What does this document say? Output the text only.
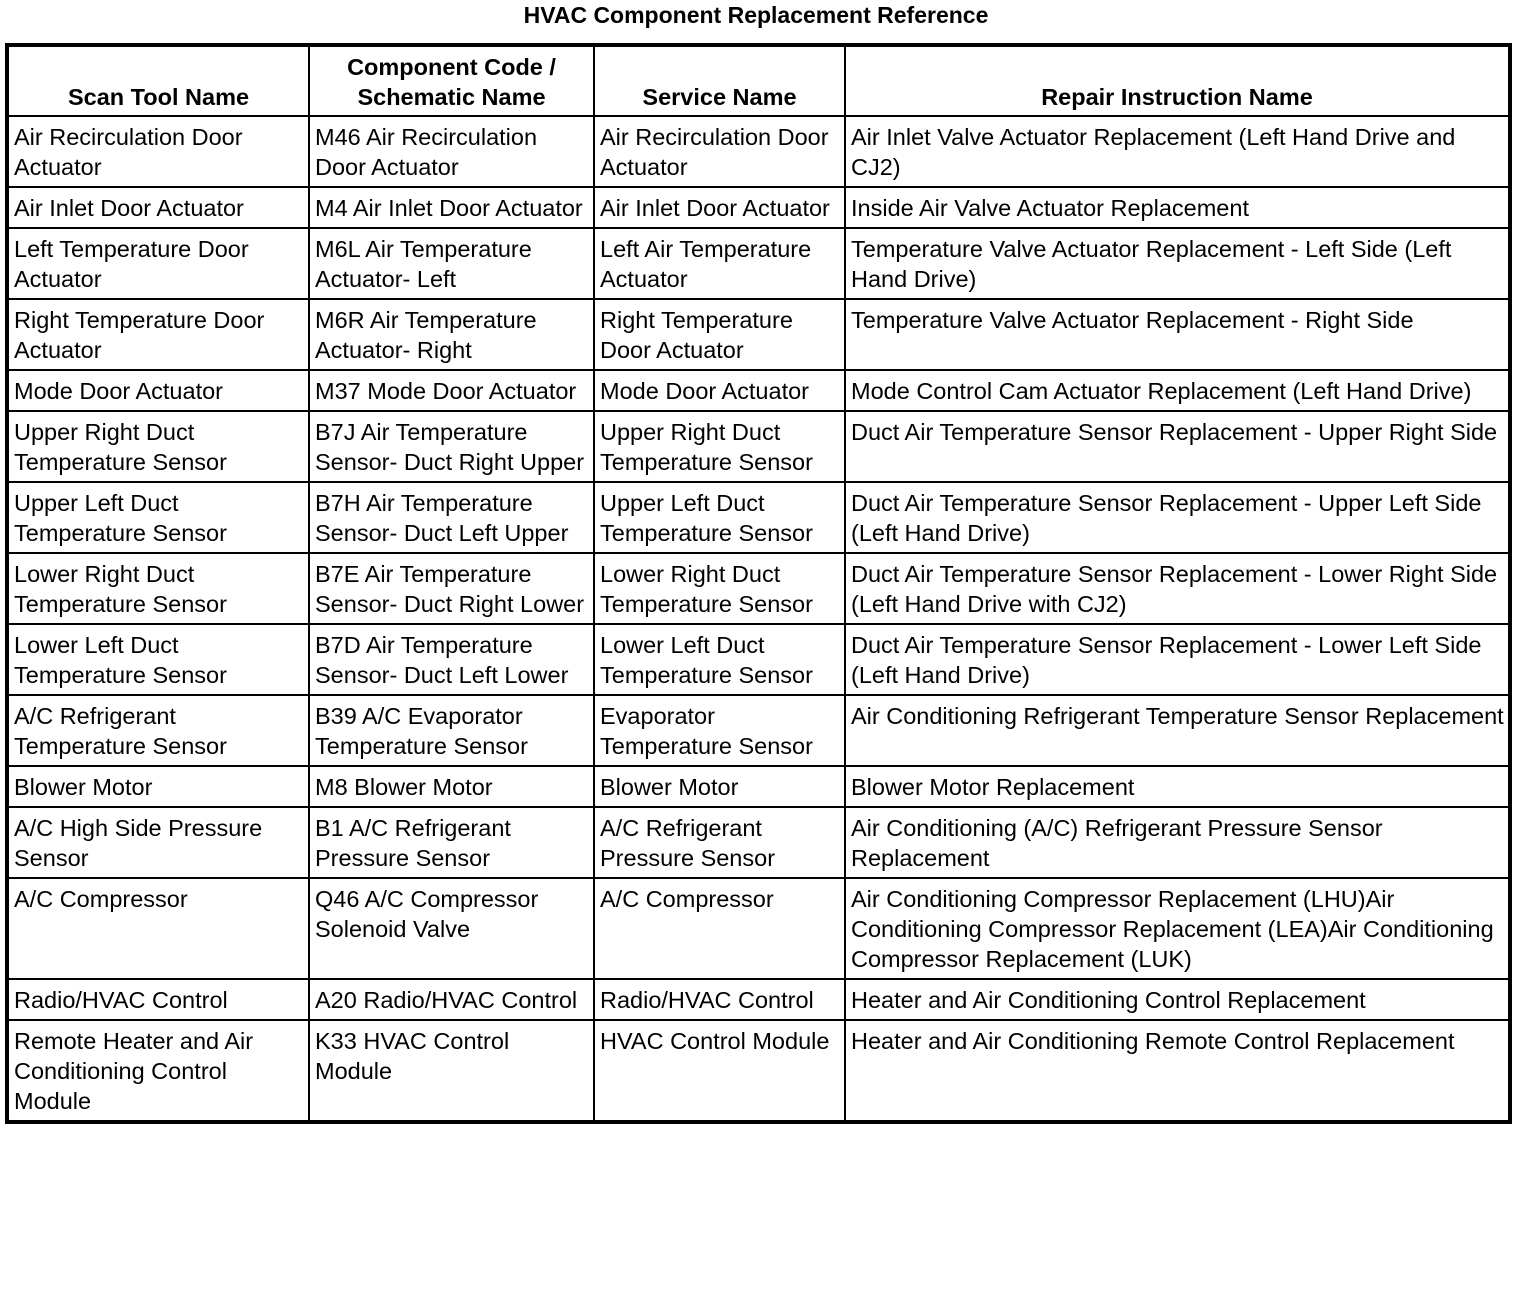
HVAC Component Replacement Reference
Scan Tool Name	Component Code / Schematic Name	Service Name	Repair Instruction Name
Air Recirculation Door Actuator	M46 Air Recirculation Door Actuator	Air Recirculation Door Actuator	Air Inlet Valve Actuator Replacement (Left Hand Drive and CJ2)
Air Inlet Door Actuator	M4 Air Inlet Door Actuator	Air Inlet Door Actuator	Inside Air Valve Actuator Replacement
Left Temperature Door Actuator	M6L Air Temperature Actuator- Left	Left Air Temperature Actuator	Temperature Valve Actuator Replacement - Left Side (Left Hand Drive)
Right Temperature Door Actuator	M6R Air Temperature Actuator- Right	Right Temperature Door Actuator	Temperature Valve Actuator Replacement - Right Side
Mode Door Actuator	M37 Mode Door Actuator	Mode Door Actuator	Mode Control Cam Actuator Replacement (Left Hand Drive)
Upper Right Duct Temperature Sensor	B7J Air Temperature Sensor- Duct Right Upper	Upper Right Duct Temperature Sensor	Duct Air Temperature Sensor Replacement - Upper Right Side
Upper Left Duct Temperature Sensor	B7H Air Temperature Sensor- Duct Left Upper	Upper Left Duct Temperature Sensor	Duct Air Temperature Sensor Replacement - Upper Left Side (Left Hand Drive)
Lower Right Duct Temperature Sensor	B7E Air Temperature Sensor- Duct Right Lower	Lower Right Duct Temperature Sensor	Duct Air Temperature Sensor Replacement - Lower Right Side (Left Hand Drive with CJ2)
Lower Left Duct Temperature Sensor	B7D Air Temperature Sensor- Duct Left Lower	Lower Left Duct Temperature Sensor	Duct Air Temperature Sensor Replacement - Lower Left Side (Left Hand Drive)
A/C Refrigerant Temperature Sensor	B39 A/C Evaporator Temperature Sensor	Evaporator Temperature Sensor	Air Conditioning Refrigerant Temperature Sensor Replacement
Blower Motor	M8 Blower Motor	Blower Motor	Blower Motor Replacement
A/C High Side Pressure Sensor	B1 A/C Refrigerant Pressure Sensor	A/C Refrigerant Pressure Sensor	Air Conditioning (A/C) Refrigerant Pressure Sensor Replacement
A/C Compressor	Q46 A/C Compressor Solenoid Valve	A/C Compressor	Air Conditioning Compressor Replacement (LHU)Air Conditioning Compressor Replacement (LEA)Air Conditioning Compressor Replacement (LUK)
Radio/HVAC Control	A20 Radio/HVAC Control	Radio/HVAC Control	Heater and Air Conditioning Control Replacement
Remote Heater and Air Conditioning Control Module	K33 HVAC Control Module	HVAC Control Module	Heater and Air Conditioning Remote Control Replacement
